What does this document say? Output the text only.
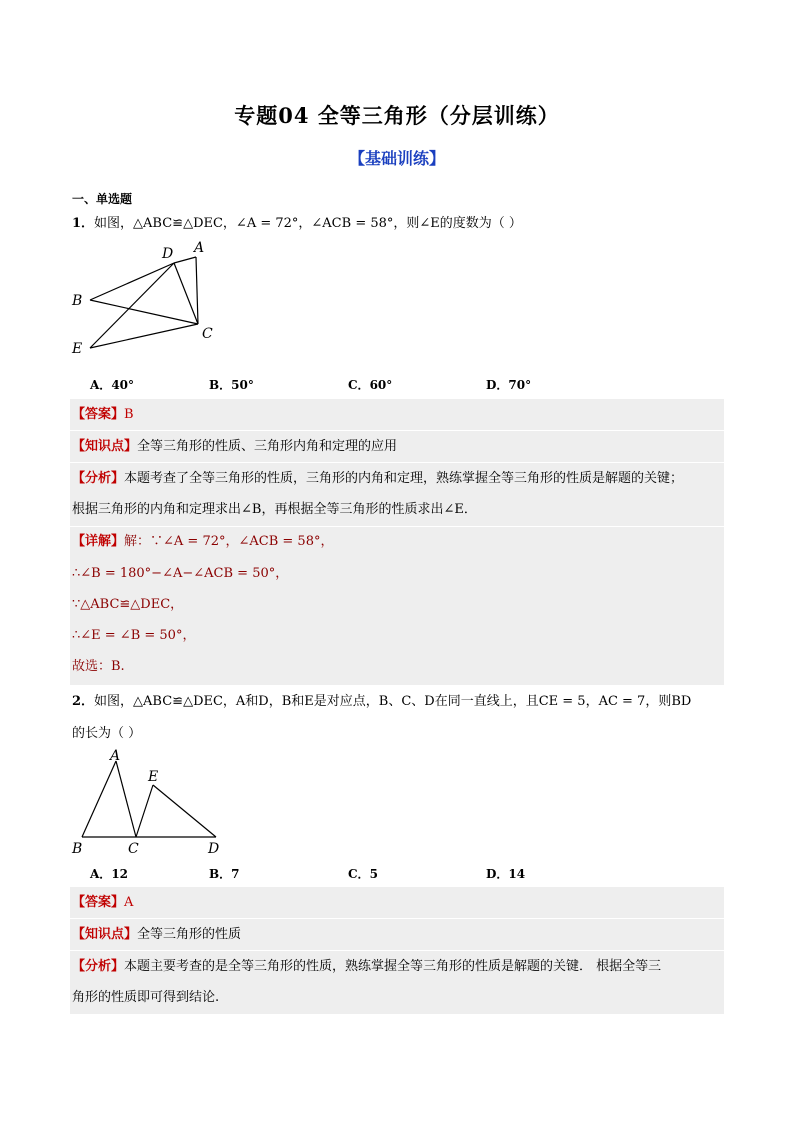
专题04 全等三角形（分层训练）
【基础训练】
一、单选题
1．如图，△ABC≌△DEC，∠A = 72°，∠ACB = 58°，则∠E的度数为（ ）
D A
B
C
E
A．40°	B．50°	C．60°	D．70°
【答案】B
【知识点】全等三角形的性质、三角形内角和定理的应用
【分析】本题考查了全等三角形的性质，三角形的内角和定理，熟练掌握全等三角形的性质是解题的关键；
根据三角形的内角和定理求出∠B，再根据全等三角形的性质求出∠E．
【详解】解：∵∠A = 72°，∠ACB = 58°，
∴∠B = 180°−∠A−∠ACB = 50°，
∵△ABC≌△DEC，
∴∠E = ∠B = 50°，
故选：B.
2．如图，△ABC≌△DEC，A和D，B和E是对应点，B、C、D在同一直线上，且CE = 5，AC = 7，则BD
的长为（ ）
A
E
B	C	D
A．12	B．7	C．5	D．14
【答案】A
【知识点】全等三角形的性质
【分析】本题主要考查的是全等三角形的性质，熟练掌握全等三角形的性质是解题的关键． 根据全等三
角形的性质即可得到结论.
